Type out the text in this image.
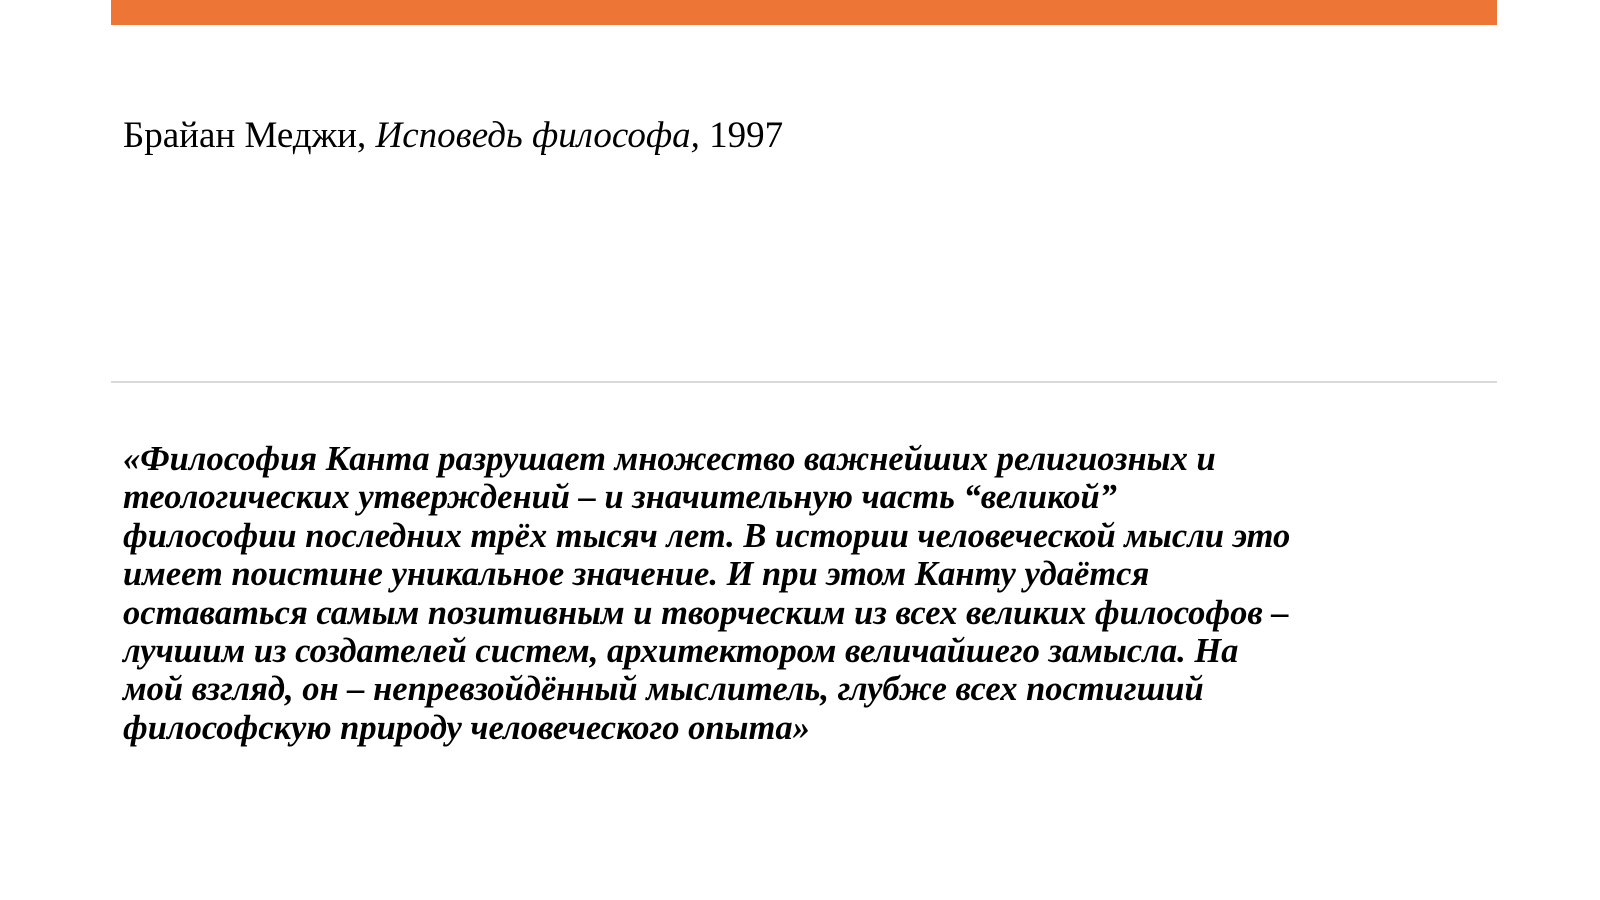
Брайан Меджи, Исповедь философа, 1997
«Философия Канта разрушает множество важнейших религиозных и
теологических утверждений – и значительную часть “великой”
философии последних трёх тысяч лет. В истории человеческой мысли это
имеет поистине уникальное значение. И при этом Канту удаётся
оставаться самым позитивным и творческим из всех великих философов –
лучшим из создателей систем, архитектором величайшего замысла. На
мой взгляд, он – непревзойдённый мыслитель, глубже всех постигший
философскую природу человеческого опыта»
